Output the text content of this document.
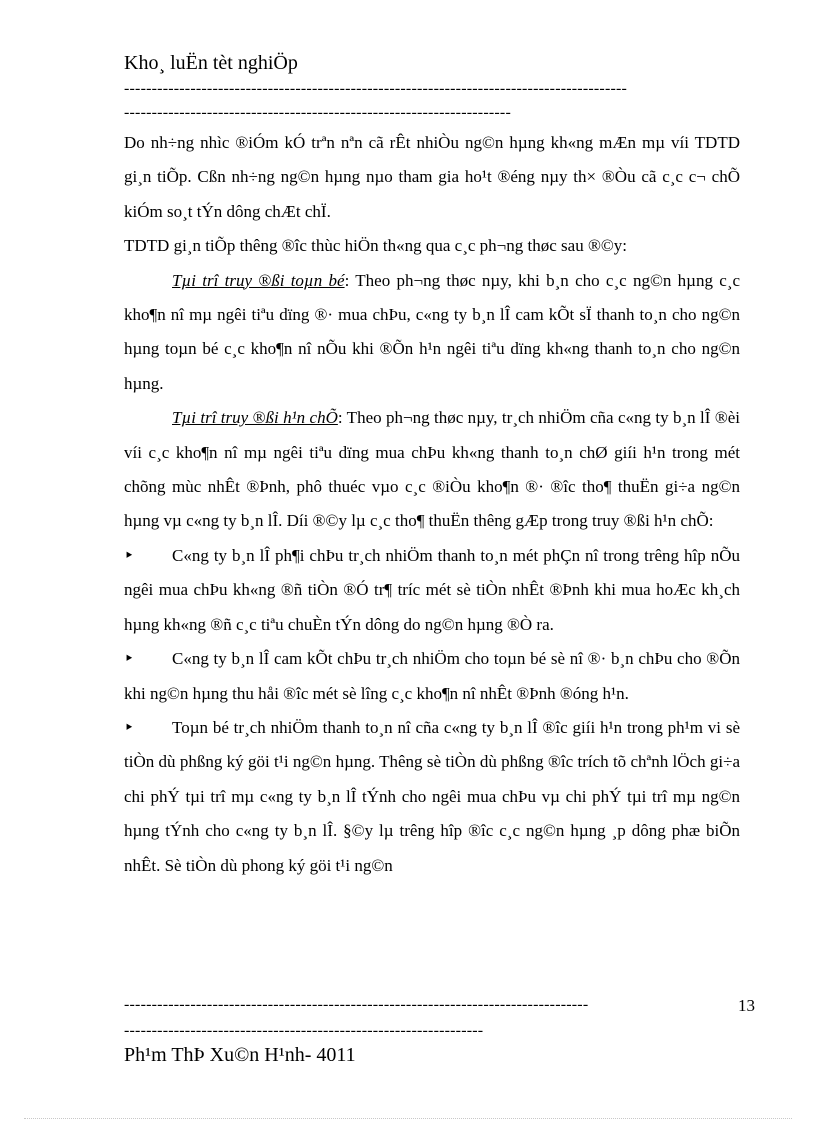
Kho¸ luËn tèt nghiÖp
-------------------------------------------------------------------------------------------
----------------------------------------------------------------------

Do nh÷ng nhìc ®iÓm kÓ trªn nªn cã rÊt nhiÒu ng©n hµng kh«ng mÆn mµ víi TDTD gi¸n tiÕp. Cßn nh÷ng ng©n hµng nµo tham gia ho¹t ®éng nµy th× ®Òu cã c¸c c¬ chÕ kiÓm so¸t tÝn dông chÆt chÏ.

TDTD gi¸n tiÕp thêng ®îc thùc hiÖn th«ng qua c¸c ph¬ng thøc sau ®©y:

Tµi trî truy ®ßi toµn bé: Theo ph¬ng thøc nµy, khi b¸n cho c¸c ng©n hµng c¸c kho¶n nî mµ ngêi tiªu dïng ®· mua chÞu, c«ng ty b¸n lÎ cam kÕt sÏ thanh to¸n cho ng©n hµng toµn bé c¸c kho¶n nî nÕu khi ®Õn h¹n ngêi tiªu dïng kh«ng thanh to¸n cho ng©n hµng.

Tµi trî truy ®ßi h¹n chÕ: Theo ph¬ng thøc nµy, tr¸ch nhiÖm cña c«ng ty b¸n lÎ ®èi víi c¸c kho¶n nî mµ ngêi tiªu dïng mua chÞu kh«ng thanh to¸n chØ giíi h¹n trong mét chõng mùc nhÊt ®Þnh, phô thuéc vµo c¸c ®iÒu kho¶n ®· ®îc tho¶ thuËn gi÷a ng©n hµng vµ c«ng ty b¸n lÎ. Díi ®©y lµ c¸c tho¶ thuËn thêng gÆp trong truy ®ßi h¹n chÕ:

‣ C«ng ty b¸n lÎ ph¶i chÞu tr¸ch nhiÖm thanh to¸n mét phÇn nî trong trêng hîp nÕu ngêi mua chÞu kh«ng ®ñ tiÒn ®Ó tr¶ tríc mét sè tiÒn nhÊt ®Þnh khi mua hoÆc kh¸ch hµng kh«ng ®ñ c¸c tiªu chuÈn tÝn dông do ng©n hµng ®Ò ra.

‣ C«ng ty b¸n lÎ cam kÕt chÞu tr¸ch nhiÖm cho toµn bé sè nî ®· b¸n chÞu cho ®Õn khi ng©n hµng thu håi ®îc mét sè lîng c¸c kho¶n nî nhÊt ®Þnh ®óng h¹n.

‣ Toµn bé tr¸ch nhiÖm thanh to¸n nî cña c«ng ty b¸n lÎ ®îc giíi h¹n trong ph¹m vi sè tiÒn dù phßng ký göi t¹i ng©n hµng. Thêng sè tiÒn dù phßng ®îc trích tõ chªnh lÖch gi÷a chi phÝ tµi trî mµ c«ng ty b¸n lÎ tÝnh cho ngêi mua chÞu vµ chi phÝ tµi trî mµ ng©n hµng tÝnh cho c«ng ty b¸n lÎ. §©y lµ trêng hîp ®îc c¸c ng©n hµng ¸p dông phæ biÕn nhÊt. Sè tiÒn dù phong ký göi t¹i ng©n

------------------------------------------------------------------------------------	13
-----------------------------------------------------------------
Ph¹m ThÞ Xu©n H¹nh- 4011
